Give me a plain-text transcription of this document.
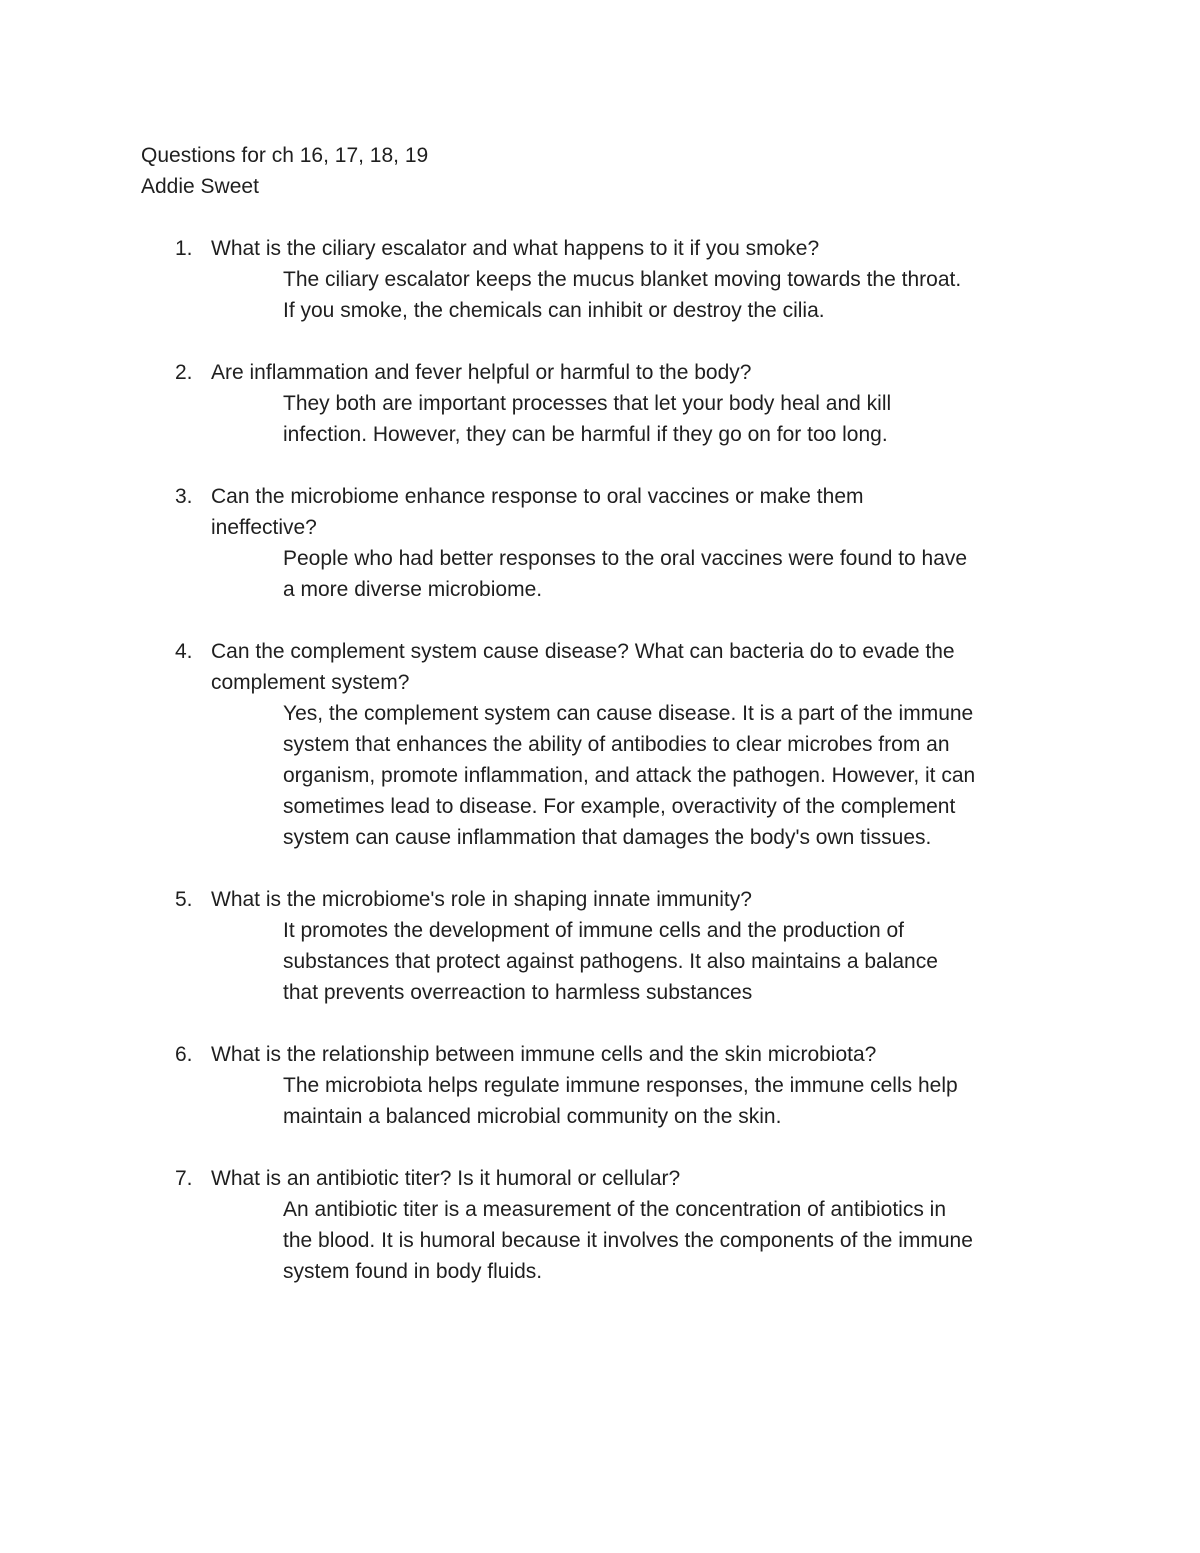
Questions for ch 16, 17, 18, 19
Addie Sweet
1. What is the ciliary escalator and what happens to it if you smoke?
The ciliary escalator keeps the mucus blanket moving towards the throat.
If you smoke, the chemicals can inhibit or destroy the cilia.
2. Are inflammation and fever helpful or harmful to the body?
They both are important processes that let your body heal and kill
infection. However, they can be harmful if they go on for too long.
3. Can the microbiome enhance response to oral vaccines or make them
ineffective?
People who had better responses to the oral vaccines were found to have
a more diverse microbiome.
4. Can the complement system cause disease? What can bacteria do to evade the
complement system?
Yes, the complement system can cause disease. It is a part of the immune
system that enhances the ability of antibodies to clear microbes from an
organism, promote inflammation, and attack the pathogen. However, it can
sometimes lead to disease. For example, overactivity of the complement
system can cause inflammation that damages the body's own tissues.
5. What is the microbiome's role in shaping innate immunity?
It promotes the development of immune cells and the production of
substances that protect against pathogens. It also maintains a balance
that prevents overreaction to harmless substances
6. What is the relationship between immune cells and the skin microbiota?
The microbiota helps regulate immune responses, the immune cells help
maintain a balanced microbial community on the skin.
7. What is an antibiotic titer? Is it humoral or cellular?
An antibiotic titer is a measurement of the concentration of antibiotics in
the blood. It is humoral because it involves the components of the immune
system found in body fluids.
